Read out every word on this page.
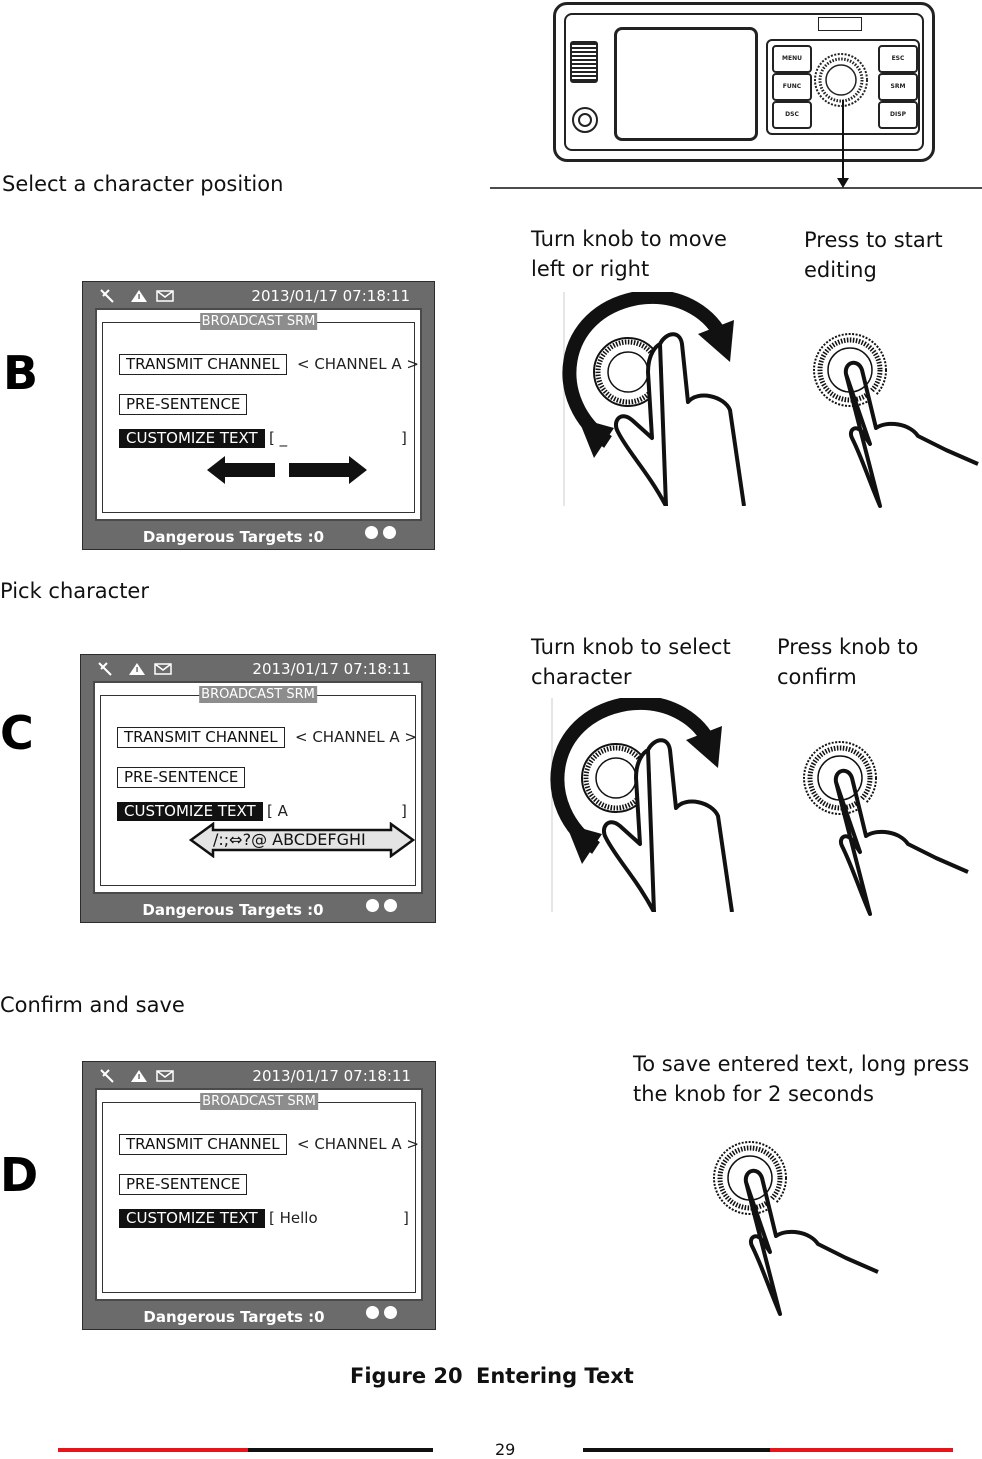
MENU
FUNC
DSC
ESC
SRM
DISP
Select a character position
B
Turn knob to move left or right
Press to start editing
2013/01/17 07:18:11
BROADCAST SRM
TRANSMIT CHANNEL	< CHANNEL A >
PRE-SENTENCE
CUSTOMIZE TEXT [ _	]
Dangerous Targets :0
Pick character
C
Turn knob to select character
Press knob to confirm
2013/01/17 07:18:11
BROADCAST SRM
TRANSMIT CHANNEL	< CHANNEL A >
PRE-SENTENCE
CUSTOMIZE TEXT [ A	]
/:;⇔?@ ABCDEFGHI
Dangerous Targets :0
Confirm and save
D
To save entered text, long press the knob for 2 seconds
2013/01/17 07:18:11
BROADCAST SRM
TRANSMIT CHANNEL	< CHANNEL A >
PRE-SENTENCE
CUSTOMIZE TEXT [ Hello	]
Dangerous Targets :0
Figure 20 Entering Text
29
